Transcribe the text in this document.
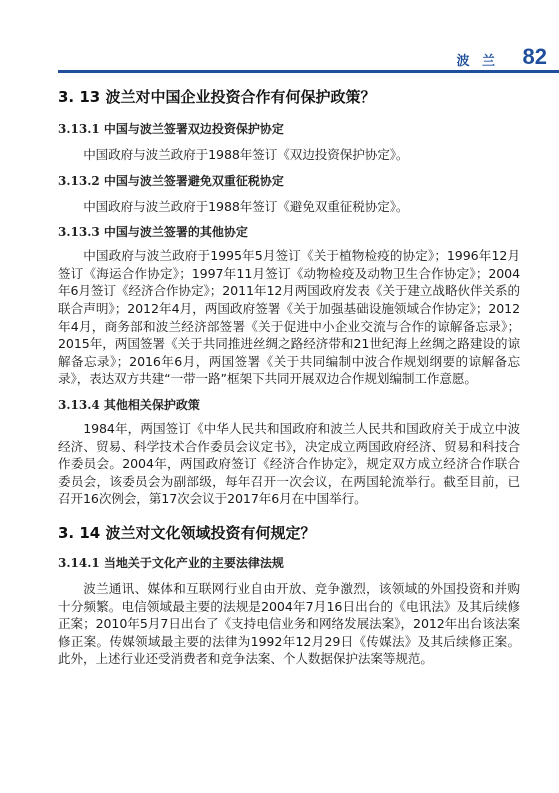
波 兰 82
3. 13 波兰对中国企业投资合作有何保护政策？
3.13.1 中国与波兰签署双边投资保护协定

中国政府与波兰政府于1988年签订《双边投资保护协定》。

3.13.2 中国与波兰签署避免双重征税协定

中国政府与波兰政府于1988年签订《避免双重征税协定》。

3.13.3 中国与波兰签署的其他协定

中国政府与波兰政府于1995年5月签订《关于植物检疫的协定》；1996年12月签订《海运合作协定》；1997年11月签订《动物检疫及动物卫生合作协定》；2004年6月签订《经济合作协定》；2011年12月两国政府发表《关于建立战略伙伴关系的联合声明》；2012年4月，两国政府签署《关于加强基础设施领域合作协定》；2012年4月，商务部和波兰经济部签署《关于促进中小企业交流与合作的谅解备忘录》；2015年，两国签署《关于共同推进丝绸之路经济带和21世纪海上丝绸之路建设的谅解备忘录》；2016年6月，两国签署《关于共同编制中波合作规划纲要的谅解备忘录》，表达双方共建“一带一路”框架下共同开展双边合作规划编制工作意愿。

3.13.4 其他相关保护政策

1984年，两国签订《中华人民共和国政府和波兰人民共和国政府关于成立中波经济、贸易、科学技术合作委员会议定书》，决定成立两国政府经济、贸易和科技合作委员会。2004年，两国政府签订《经济合作协定》，规定双方成立经济合作联合委员会，该委员会为副部级，每年召开一次会议，在两国轮流举行。截至目前，已召开16次例会，第17次会议于2017年6月在中国举行。

3. 14 波兰对文化领域投资有何规定？
3.14.1 当地关于文化产业的主要法律法规

波兰通讯、媒体和互联网行业自由开放、竞争激烈，该领域的外国投资和并购十分频繁。电信领域最主要的法规是2004年7月16日出台的《电讯法》及其后续修正案；2010年5月7日出台了《支持电信业务和网络发展法案》，2012年出台该法案修正案。传媒领域最主要的法律为1992年12月29日《传媒法》及其后续修正案。此外，上述行业还受消费者和竞争法案、个人数据保护法案等规范。
